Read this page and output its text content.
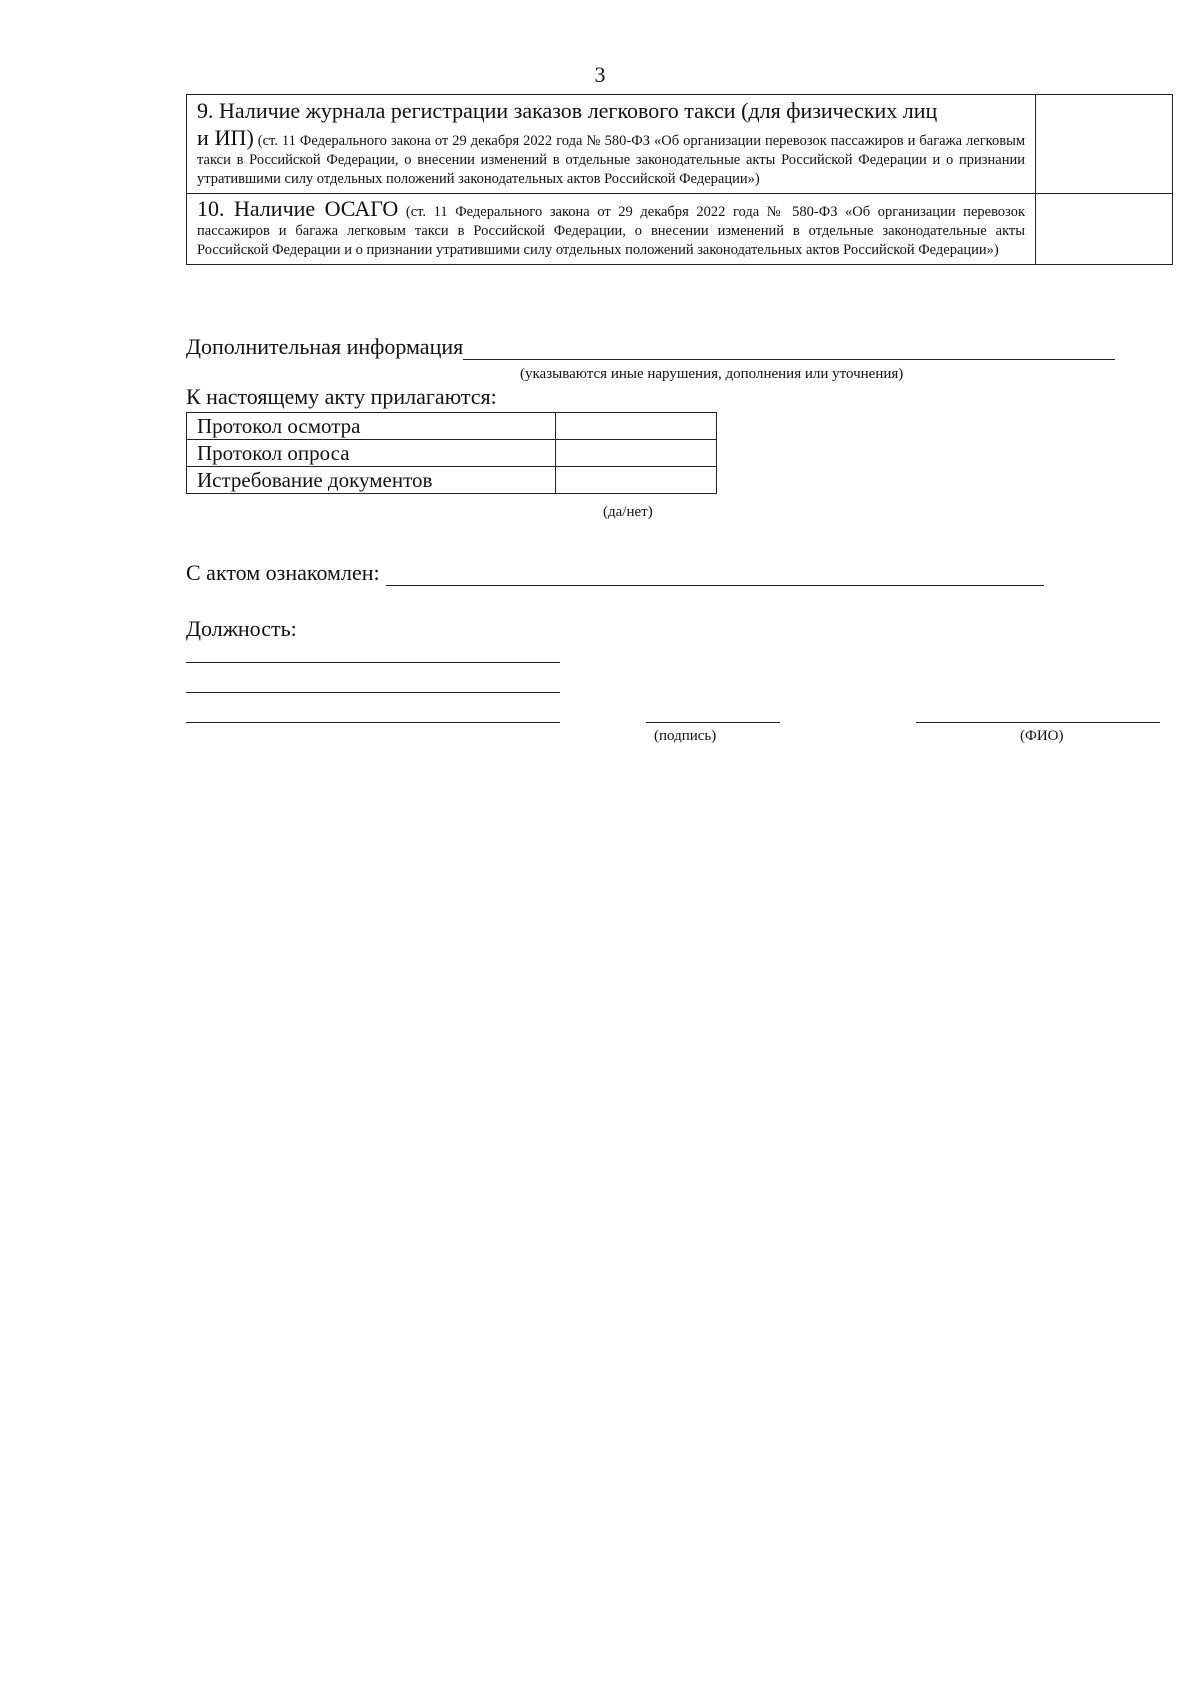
3
9. Наличие журнала регистрации заказов легкового такси (для физических лиц
и ИП) (ст. 11 Федерального закона от 29 декабря 2022 года № 580-ФЗ «Об организации перевозок пассажиров и багажа легковым такси в Российской Федерации, о внесении изменений в отдельные законодательные акты Российской Федерации и о признании утратившими силу отдельных положений законодательных актов Российской Федерации»)	

10. Наличие ОСАГО (ст. 11 Федерального закона от 29 декабря 2022 года № 580-ФЗ «Об организации перевозок пассажиров и багажа легковым такси в Российской Федерации, о внесении изменений в отдельные законодательные акты Российской Федерации и о признании утратившими силу отдельных положений законодательных актов Российской Федерации»)	

Дополнительная информация
(указываются иные нарушения, дополнения или уточнения)
К настоящему акту прилагаются:
Протокол осмотра	
Протокол опроса	
Истребование документов	
(да/нет)
С актом ознакомлен:
Должность:
(подпись)	(ФИО)
